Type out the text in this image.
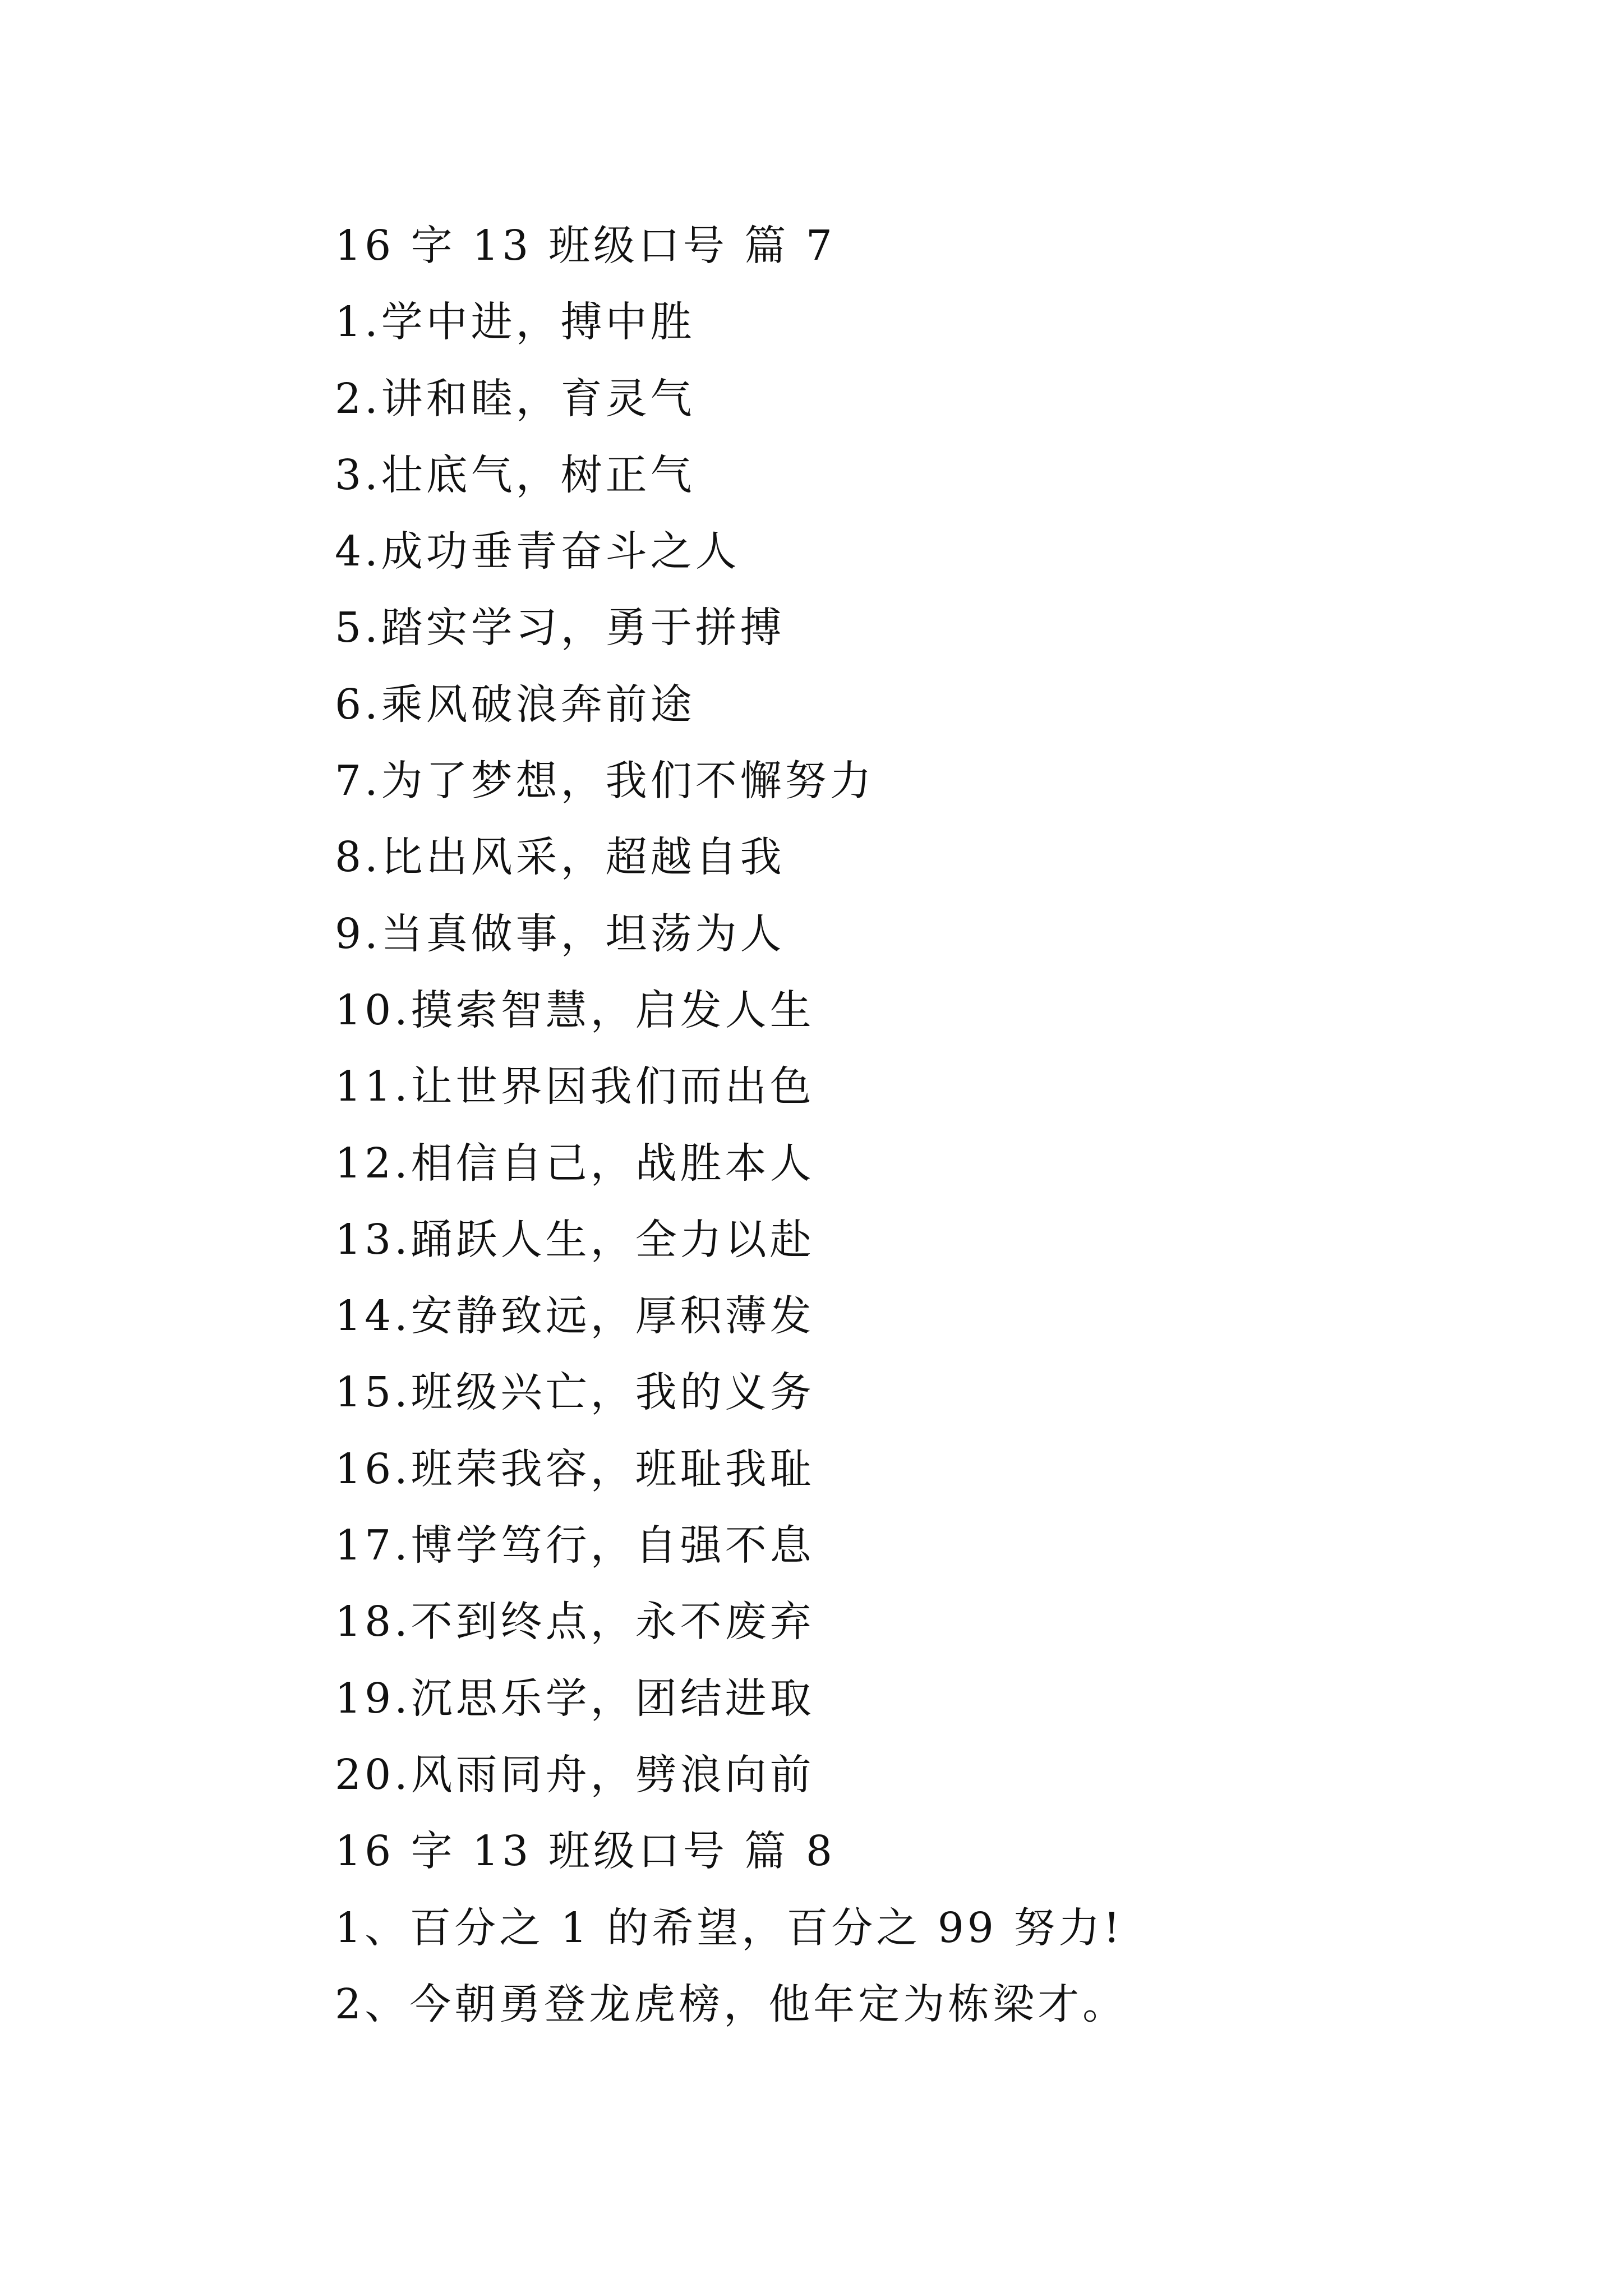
16 字 13 班级口号 篇 7
1.学中进，搏中胜
2.讲和睦，育灵气
3.壮底气，树正气
4.成功垂青奋斗之人
5.踏实学习，勇于拼搏
6.乘风破浪奔前途
7.为了梦想，我们不懈努力
8.比出风采，超越自我
9.当真做事，坦荡为人
10.摸索智慧，启发人生
11.让世界因我们而出色
12.相信自己，战胜本人
13.踊跃人生，全力以赴
14.安静致远，厚积薄发
15.班级兴亡，我的义务
16.班荣我容，班耻我耻
17.博学笃行，自强不息
18.不到终点，永不废弃
19.沉思乐学，团结进取
20.风雨同舟，劈浪向前
16 字 13 班级口号 篇 8
1、百分之 1 的希望，百分之 99 努力!
2、今朝勇登龙虎榜，他年定为栋梁才。
